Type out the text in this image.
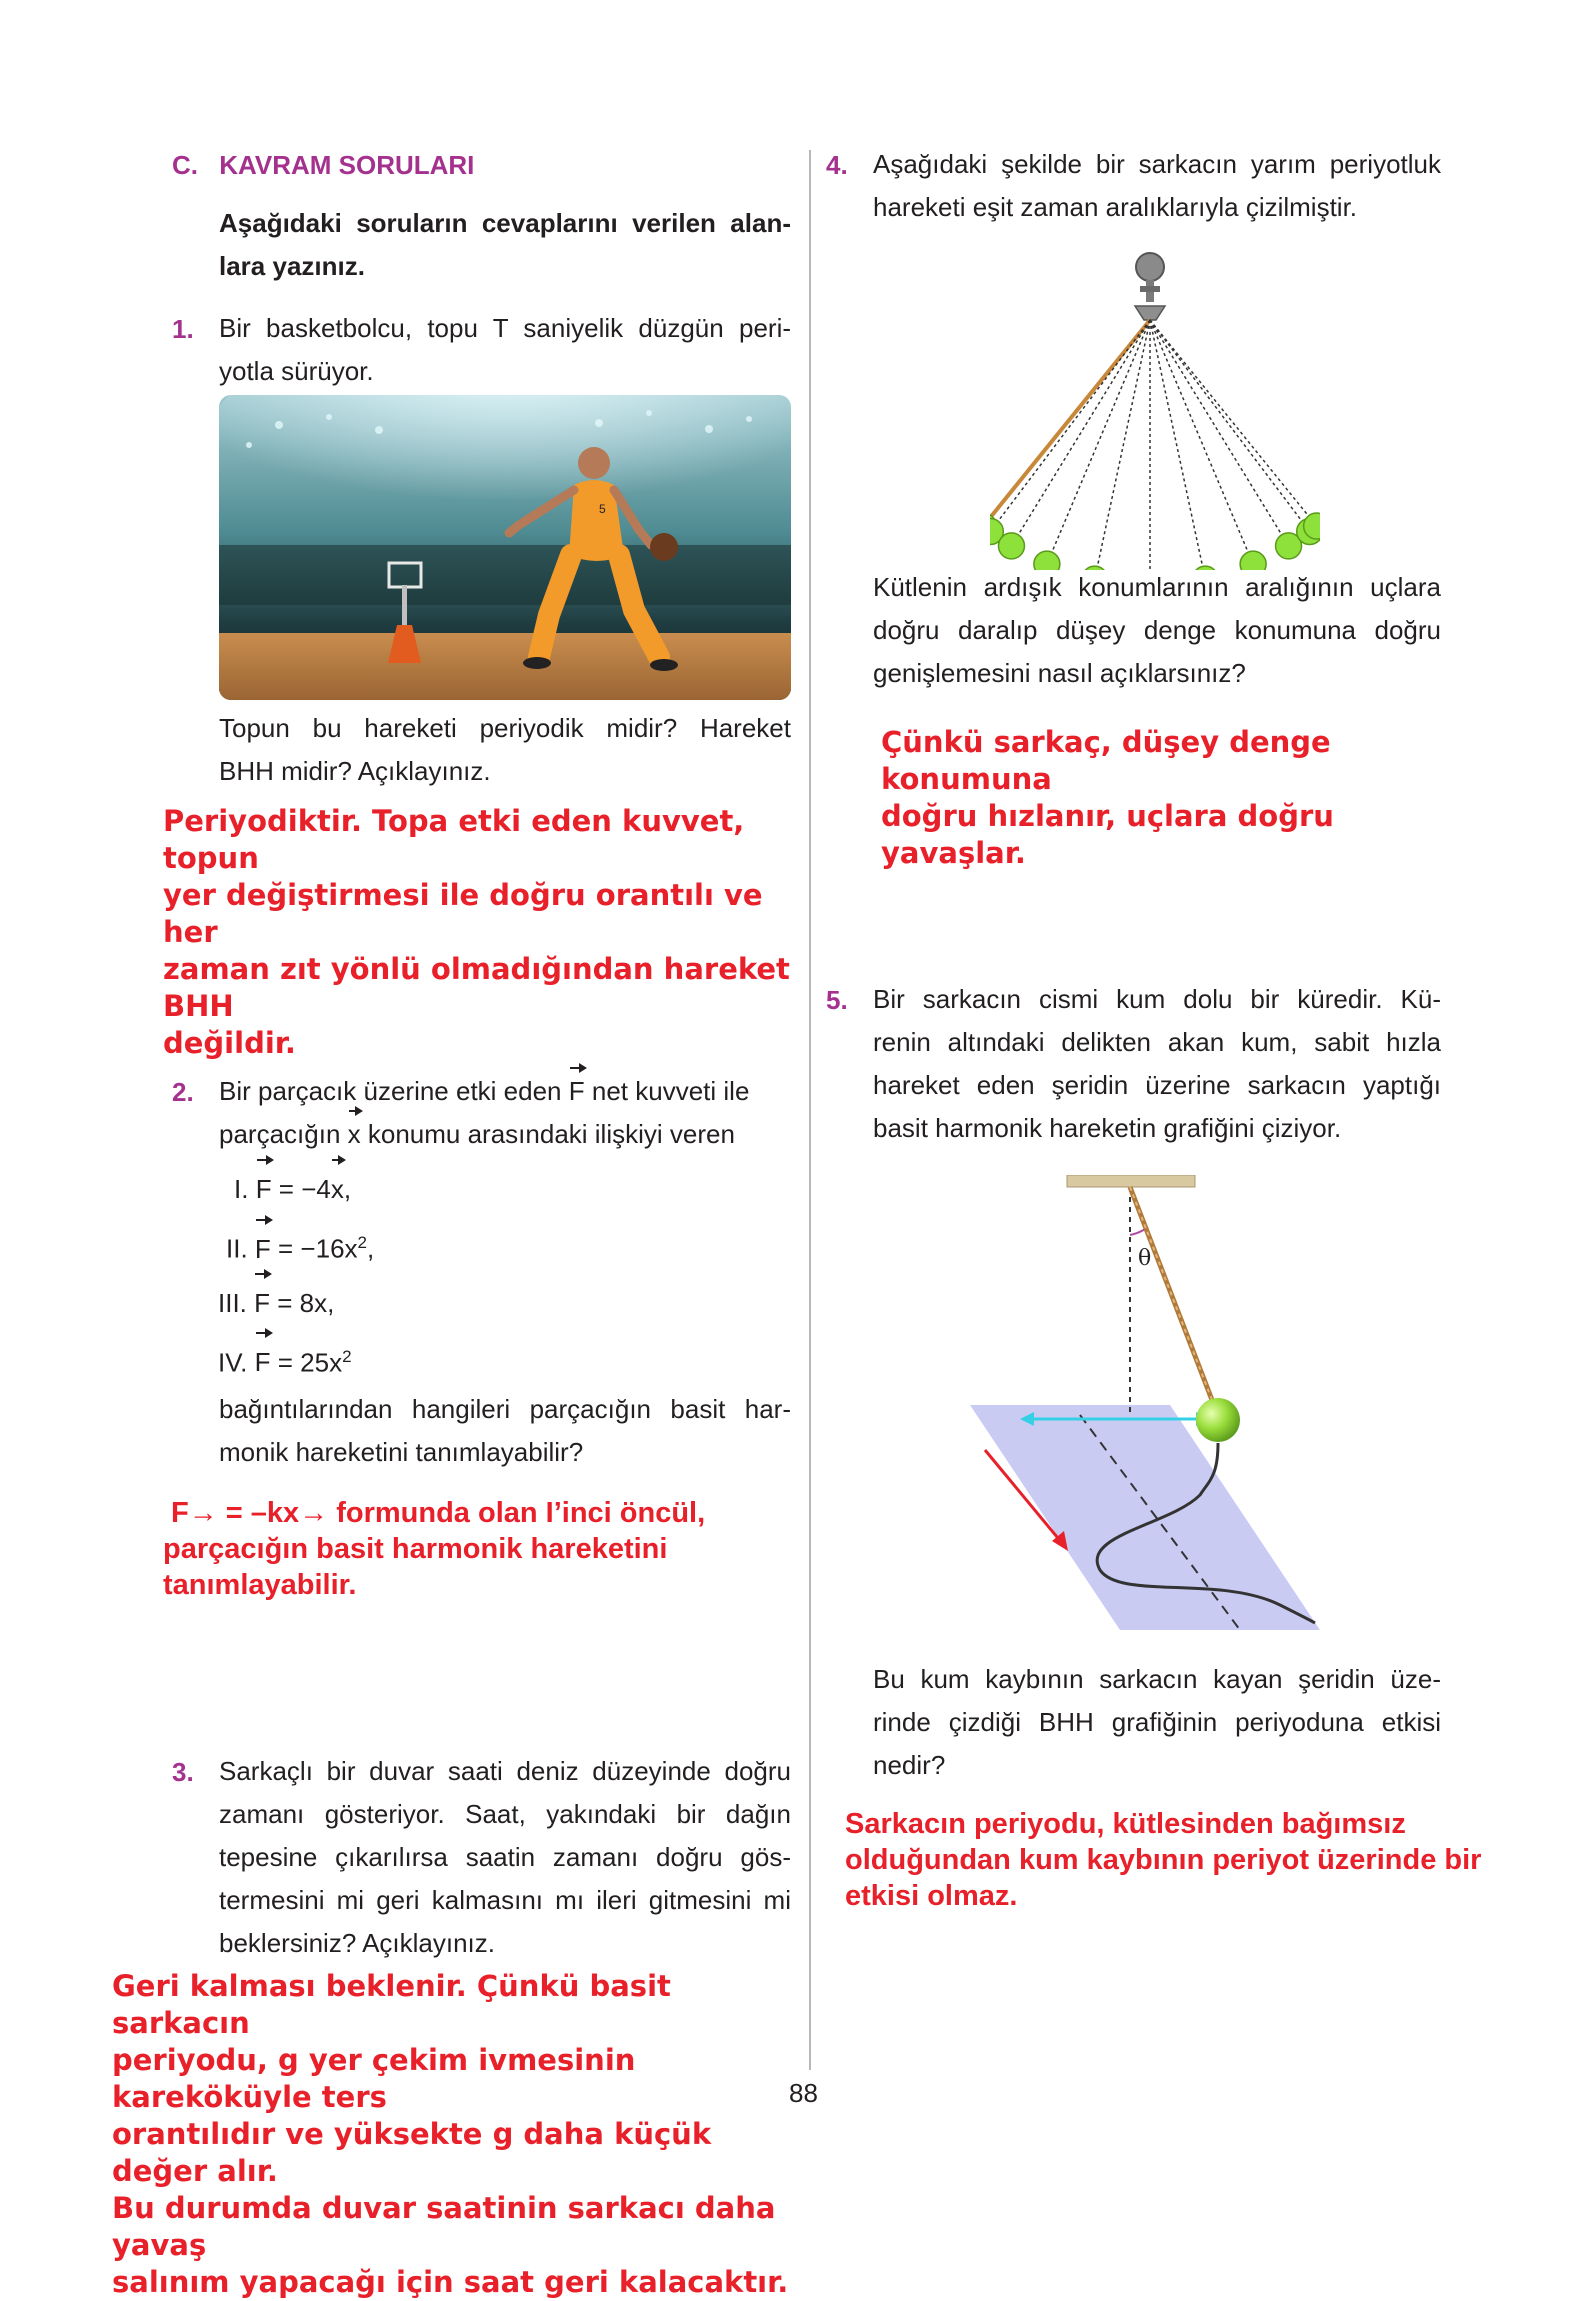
C. KAVRAM SORULARI
Aşağıdaki soruların cevaplarını verilen alan-
lara yazınız.
1. Bir basketbolcu, topu T saniyelik düzgün peri-
yotla sürüyor.
5
Topun bu hareketi periyodik midir? Hareket
BHH midir? Açıklayınız.
Periyodiktir. Topa etki eden kuvvet, topun
yer değiştirmesi ile doğru orantılı ve her
zaman zıt yönlü olmadığından hareket BHH
değildir.
2. Bir parçacık üzerine etki eden F net kuvveti ile
parçacığın x konumu arasındaki ilişkiyi veren
I. F = −4x,
II. $F = -16x^2$,
III. F = 8x,
IV. $F = 25x^2$
bağıntılarından hangileri parçacığın basit har-
monik hareketini tanımlayabilir?
F→ = –kx→ formunda olan I’inci öncül,
parçacığın basit harmonik hareketini
tanımlayabilir.
3. Sarkaçlı bir duvar saati deniz düzeyinde doğru
zamanı gösteriyor. Saat, yakındaki bir dağın
tepesine çıkarılırsa saatin zamanı doğru gös-
termesini mi geri kalmasını mı ileri gitmesini mi
beklersiniz? Açıklayınız.
Geri kalması beklenir. Çünkü basit sarkacın
periyodu, g yer çekim ivmesinin kareköküyle ters
orantılıdır ve yüksekte g daha küçük değer alır.
Bu durumda duvar saatinin sarkacı daha yavaş
salınım yapacağı için saat geri kalacaktır.
88
4. Aşağıdaki şekilde bir sarkacın yarım periyotluk
hareketi eşit zaman aralıklarıyla çizilmiştir.
Kütlenin ardışık konumlarının aralığının uçlara
doğru daralıp düşey denge konumuna doğru
genişlemesini nasıl açıklarsınız?
Çünkü sarkaç, düşey denge konumuna
doğru hızlanır, uçlara doğru yavaşlar.
5. Bir sarkacın cismi kum dolu bir küredir. Kü-
renin altındaki delikten akan kum, sabit hızla
hareket eden şeridin üzerine sarkacın yaptığı
basit harmonik hareketin grafiğini çiziyor.
θ
Bu kum kaybının sarkacın kayan şeridin üze-
rinde çizdiği BHH grafiğinin periyoduna etkisi
nedir?
Sarkacın periyodu, kütlesinden bağımsız
olduğundan kum kaybının periyot üzerinde bir
etkisi olmaz.
